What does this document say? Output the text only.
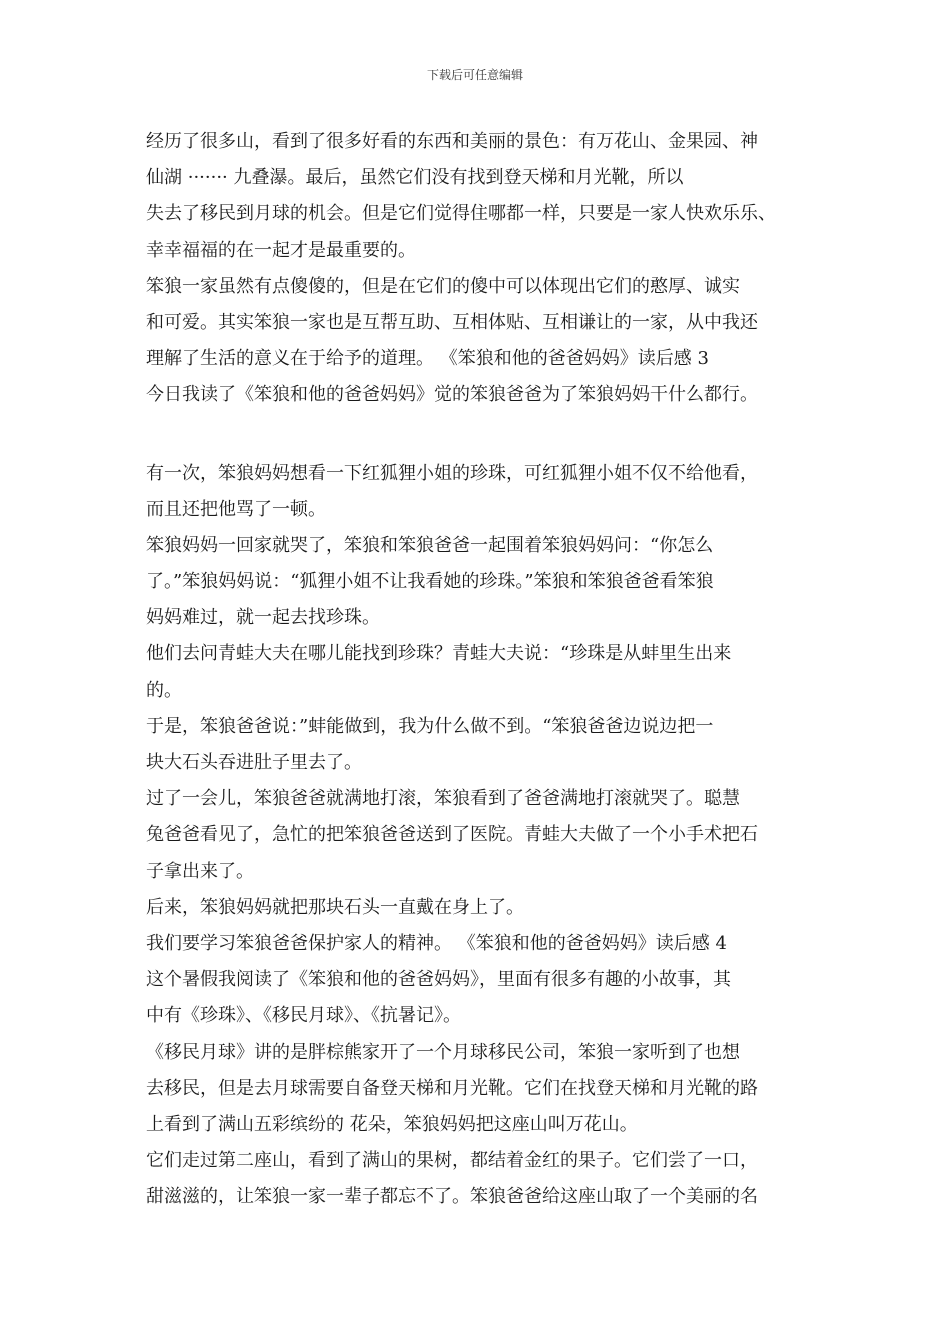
下载后可任意编辑
经历了很多山，看到了很多好看的东西和美丽的景色：有万花山、金果园、神
仙湖 ······· 九叠瀑。最后，虽然它们没有找到登天梯和月光靴，所以
失去了移民到月球的机会。但是它们觉得住哪都一样，只要是一家人快欢乐乐、
幸幸福福的在一起才是最重要的。
笨狼一家虽然有点傻傻的，但是在它们的傻中可以体现出它们的憨厚、诚实
和可爱。其实笨狼一家也是互帮互助、互相体贴、互相谦让的一家，从中我还
理解了生活的意义在于给予的道理。 《笨狼和他的爸爸妈妈》读后感 3
今日我读了《笨狼和他的爸爸妈妈》觉的笨狼爸爸为了笨狼妈妈干什么都行。
有一次，笨狼妈妈想看一下红狐狸小姐的珍珠，可红狐狸小姐不仅不给他看，
而且还把他骂了一顿。
笨狼妈妈一回家就哭了，笨狼和笨狼爸爸一起围着笨狼妈妈问：“你怎么
了。”笨狼妈妈说：“狐狸小姐不让我看她的珍珠。”笨狼和笨狼爸爸看笨狼
妈妈难过，就一起去找珍珠。
他们去问青蛙大夫在哪儿能找到珍珠？青蛙大夫说：“珍珠是从蚌里生出来
的。
于是，笨狼爸爸说：”蚌能做到，我为什么做不到。“笨狼爸爸边说边把一
块大石头吞进肚子里去了。
过了一会儿，笨狼爸爸就满地打滚，笨狼看到了爸爸满地打滚就哭了。聪慧
兔爸爸看见了，急忙的把笨狼爸爸送到了医院。青蛙大夫做了一个小手术把石
子拿出来了。
后来，笨狼妈妈就把那块石头一直戴在身上了。
我们要学习笨狼爸爸保护家人的精神。 《笨狼和他的爸爸妈妈》读后感 4
这个暑假我阅读了《笨狼和他的爸爸妈妈》，里面有很多有趣的小故事，其
中有《珍珠》、《移民月球》、《抗暑记》。
《移民月球》讲的是胖棕熊家开了一个月球移民公司，笨狼一家听到了也想
去移民，但是去月球需要自备登天梯和月光靴。它们在找登天梯和月光靴的路
上看到了满山五彩缤纷的 花朵，笨狼妈妈把这座山叫万花山。
它们走过第二座山，看到了满山的果树，都结着金红的果子。它们尝了一口，
甜滋滋的，让笨狼一家一辈子都忘不了。笨狼爸爸给这座山取了一个美丽的名
